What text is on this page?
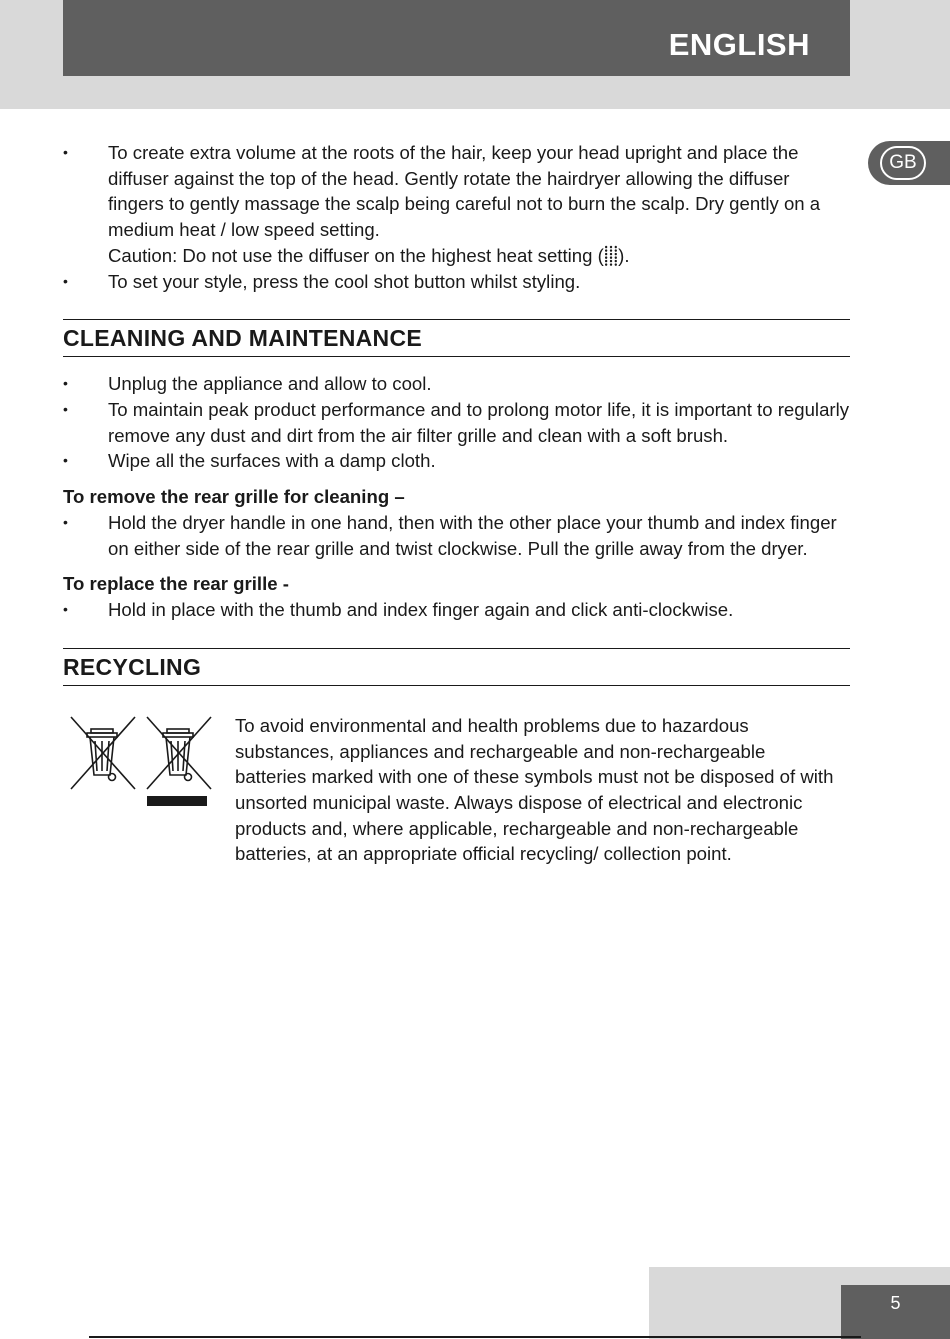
ENGLISH
GB
• To create extra volume at the roots of the hair, keep your head upright and place the diffuser against the top of the head. Gently rotate the hairdryer allowing the diffuser fingers to gently massage the scalp being careful not to burn the scalp. Dry gently on a medium heat / low speed setting.
Caution: Do not use the diffuser on the highest heat setting (⸽⸽⸽).
• To set your style, press the cool shot button whilst styling.
CLEANING AND MAINTENANCE
• Unplug the appliance and allow to cool.
• To maintain peak product performance and to prolong motor life, it is important to regularly remove any dust and dirt from the air filter grille and clean with a soft brush.
• Wipe all the surfaces with a damp cloth.
To remove the rear grille for cleaning –
• Hold the dryer handle in one hand, then with the other place your thumb and index finger on either side of the rear grille and twist clockwise. Pull the grille away from the dryer.
To replace the rear grille -
• Hold in place with the thumb and index finger again and click anti-clockwise.
RECYCLING
To avoid environmental and health problems due to hazardous substances, appliances and rechargeable and non-rechargeable batteries marked with one of these symbols must not be disposed of with unsorted municipal waste. Always dispose of electrical and electronic products and, where applicable, rechargeable and non-rechargeable batteries, at an appropriate official recycling/ collection point.
5
